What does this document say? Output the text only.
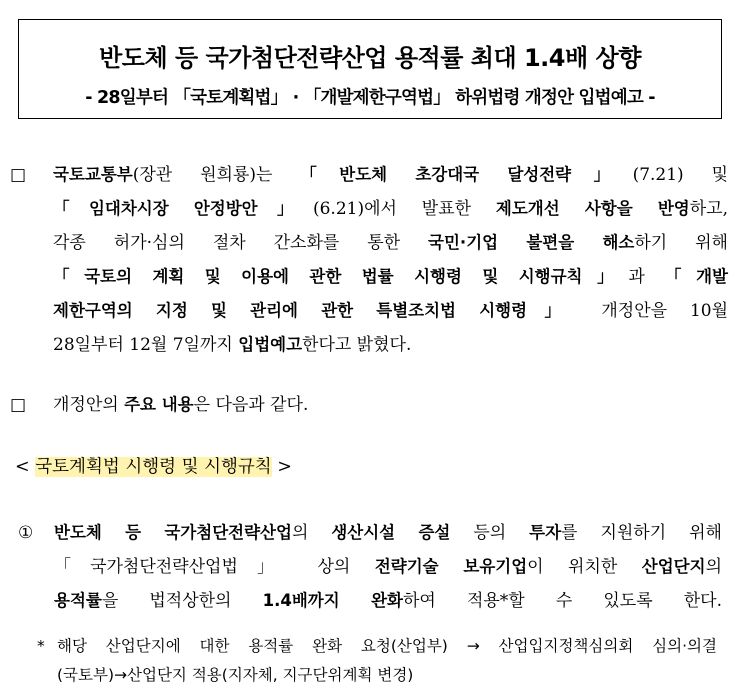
반도체 등 국가첨단전략산업 용적률 최대 1.4배 상향
- 28일부터 「국토계획법」 · 「개발제한구역법」 하위법령 개정안 입법예고 -
□ 국토교통부(장관 원희룡)는 「반도체 초강대국 달성전략」(7.21) 및
「임대차시장 안정방안」(6.21)에서 발표한 제도개선 사항을 반영하고,
각종 허가·심의 절차 간소화를 통한 국민·기업 불편을 해소하기 위해
「국토의 계획 및 이용에 관한 법률 시행령 및 시행규칙」과 「개발
제한구역의 지정 및 관리에 관한 특별조치법 시행령」 개정안을 10월
28일부터 12월 7일까지 입법예고한다고 밝혔다.
□ 개정안의 주요 내용은 다음과 같다.
< 국토계획법 시행령 및 시행규칙 >
① 반도체 등 국가첨단전략산업의 생산시설 증설 등의 투자를 지원하기 위해
「국가첨단전략산업법」 상의 전략기술 보유기업이 위치한 산업단지의
용적률을 법적상한의 1.4배까지 완화하여 적용*할 수 있도록 한다.
* 해당 산업단지에 대한 용적률 완화 요청(산업부) → 산업입지정책심의회 심의·의결
(국토부)→산업단지 적용(지자체, 지구단위계획 변경)
